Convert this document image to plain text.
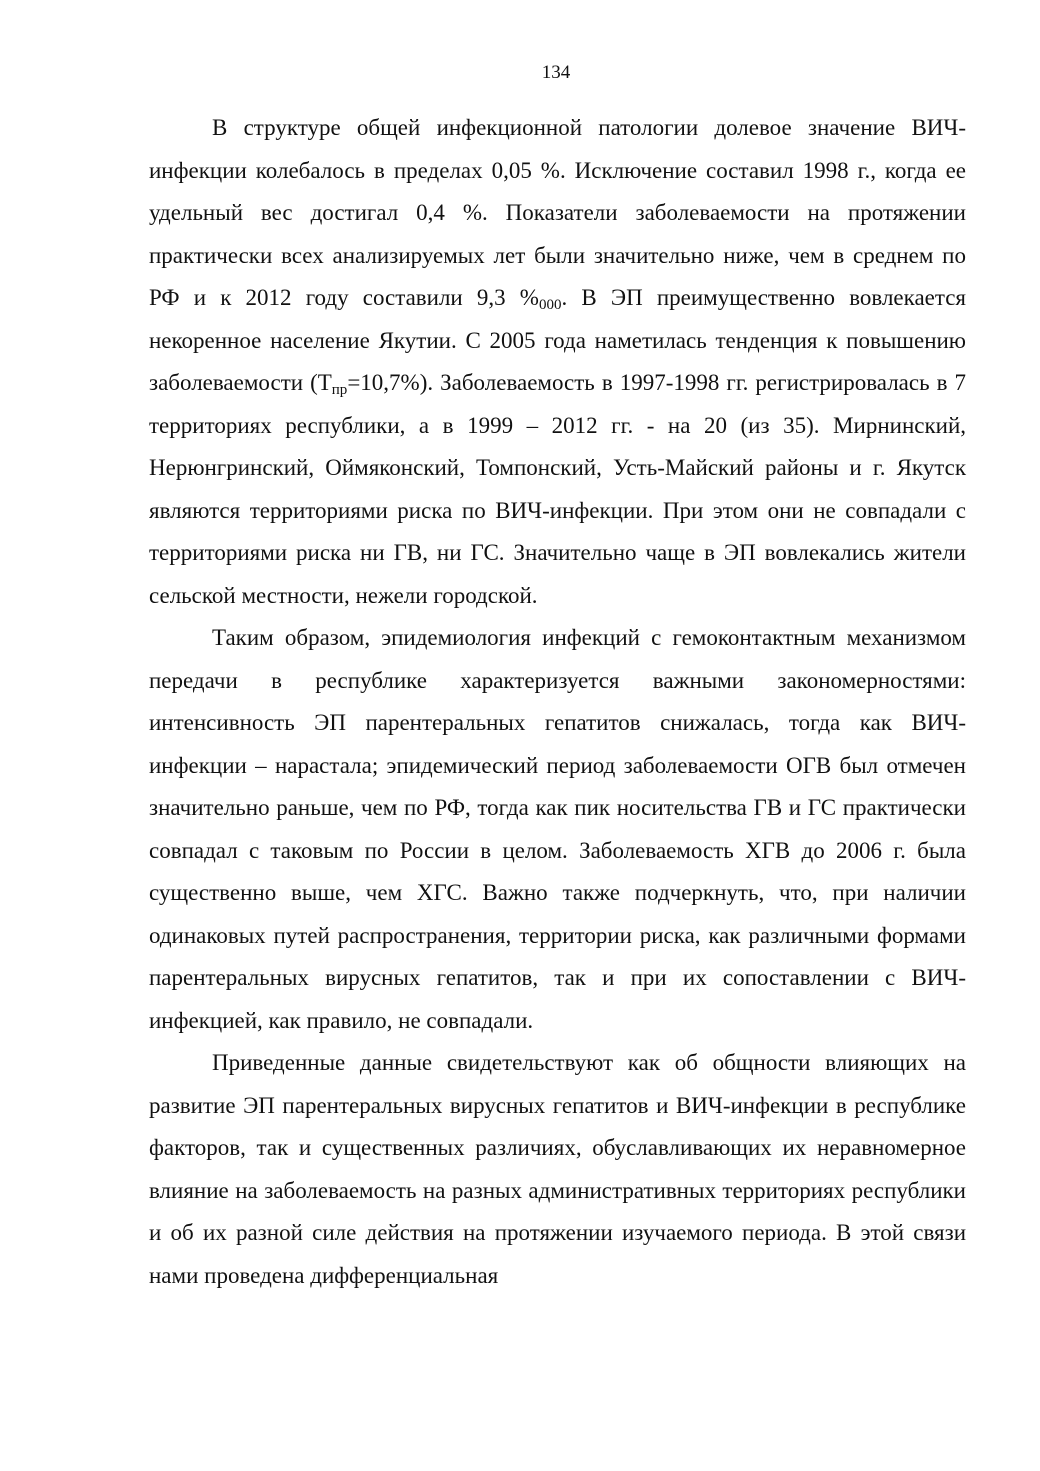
134

В структуре общей инфекционной патологии долевое значение ВИЧ-инфекции колебалось в пределах 0,05 %. Исключение составил 1998 г., когда ее удельный вес достигал 0,4 %. Показатели заболеваемости на протяжении практически всех анализируемых лет были значительно ниже, чем в среднем по РФ и к 2012 году составили 9,3 $\%_{000}$. В ЭП преимущественно вовлекается некоренное население Якутии. С 2005 года наметилась тенденция к повышению заболеваемости $(Т_{пр}=10,7\%)$. Заболеваемость в 1997-1998 гг. регистрировалась в 7 территориях республики, а в 1999 – 2012 гг. - на 20 (из 35). Мирнинский, Нерюнгринский, Оймяконский, Томпонский, Усть-Майский районы и г. Якутск являются территориями риска по ВИЧ-инфекции. При этом они не совпадали с территориями риска ни ГВ, ни ГС. Значительно чаще в ЭП вовлекались жители сельской местности, нежели городской.

Таким образом, эпидемиология инфекций с гемоконтактным механизмом передачи в республике характеризуется важными закономерностями: интенсивность ЭП парентеральных гепатитов снижалась, тогда как ВИЧ-инфекции – нарастала; эпидемический период заболеваемости ОГВ был отмечен значительно раньше, чем по РФ, тогда как пик носительства ГВ и ГС практически совпадал с таковым по России в целом. Заболеваемость ХГВ до 2006 г. была существенно выше, чем ХГС. Важно также подчеркнуть, что, при наличии одинаковых путей распространения, территории риска, как различными формами парентеральных вирусных гепатитов, так и при их сопоставлении с ВИЧ-инфекцией, как правило, не совпадали.

Приведенные данные свидетельствуют как об общности влияющих на развитие ЭП парентеральных вирусных гепатитов и ВИЧ-инфекции в республике факторов, так и существенных различиях, обуславливающих их неравномерное влияние на заболеваемость на разных административных территориях республики и об их разной силе действия на протяжении изучаемого периода. В этой связи нами проведена дифференциальная
